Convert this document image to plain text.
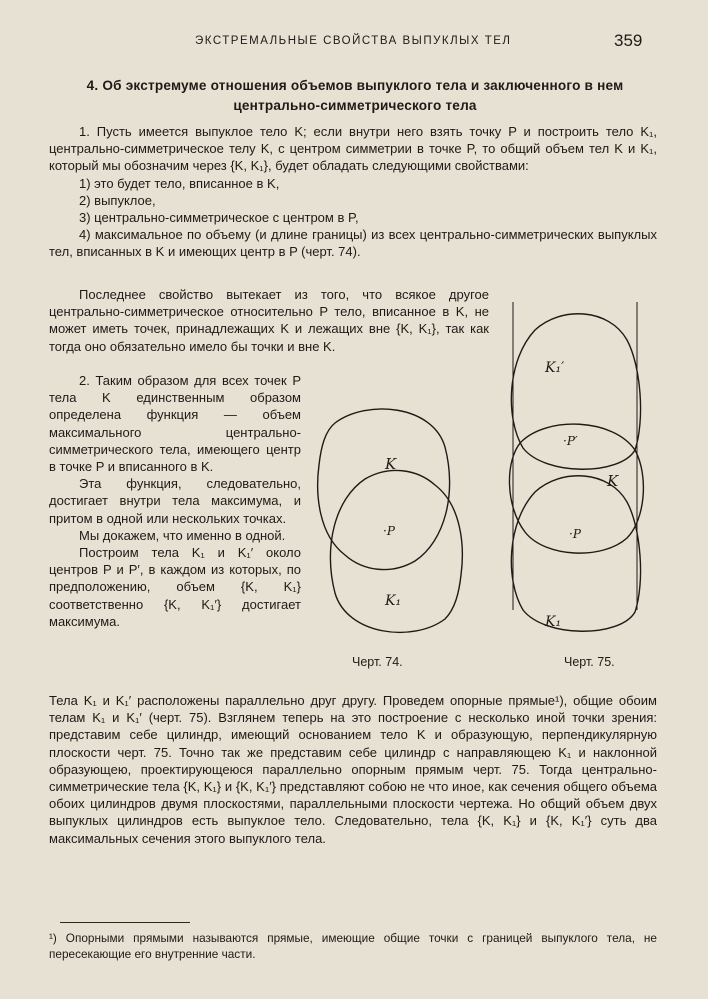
ЭКСТРЕМАЛЬНЫЕ СВОЙСТВА ВЫПУКЛЫХ ТЕЛ	359
4. Об экстремуме отношения объемов выпуклого тела и заключенного в нем центрально-симметрического тела

1. Пусть имеется выпуклое тело K; если внутри него взять точку P и построить тело K₁, центрально-симметрическое телу K, с центром симметрии в точке P, то общий объем тел K и K₁, который мы обозначим через {K, K₁}, будет обладать следующими свойствами:

1) это будет тело, вписанное в K,

2) выпуклое,

3) центрально-симметрическое с центром в P,

4) максимальное по объему (и длине границы) из всех центрально-симметрических выпуклых тел, вписанных в K и имеющих центр в P (черт. 74).

Последнее свойство вытекает из того, что всякое другое центрально-симметрическое относительно P тело, вписанное в K, не может иметь точек, принадлежащих K и лежащих вне {K, K₁}, так как тогда оно обязательно имело бы точки и вне K.

2. Таким образом для всех точек P тела K единственным образом определена функция — объем максимального центрально-симметрического тела, имеющего центр в точке P и вписанного в K.

Эта функция, следовательно, достигает внутри тела максимума, и притом в одной или нескольких точках.

Мы докажем, что именно в одной.

Построим тела K₁ и K₁′ около центров P и P′, в каждом из которых, по предположению, объем {K, K₁} соответственно {K, K₁′} достигает максимума.

Тела K₁ и K₁′ расположены параллельно друг другу. Проведем опорные прямые¹), общие обоим телам K₁ и K₁′ (черт. 75). Взглянем теперь на это построение с несколько иной точки зрения: представим себе цилиндр, имеющий основанием тело K и образующую, перпендикулярную плоскости черт. 75. Точно так же представим себе цилиндр с направляющею K₁ и наклонной образующею, проектирующеюся параллельно опорным прямым черт. 75. Тогда центрально-симметрические тела {K, K₁} и {K, K₁′} представляют собою не что иное, как сечения общего объема обоих цилиндров двумя плоскостями, параллельными плоскости чертежа. Но общий объем двух выпуклых цилиндров есть выпуклое тело. Следовательно, тела {K, K₁} и {K, K₁′} суть два максимальных сечения этого выпуклого тела.

K
·P
K₁
Черт. 74.
K₁′
·P′
K
·P
K₁
Черт. 75.
¹) Опорными прямыми называются прямые, имеющие общие точки с границей выпуклого тела, не пересекающие его внутренние части.
